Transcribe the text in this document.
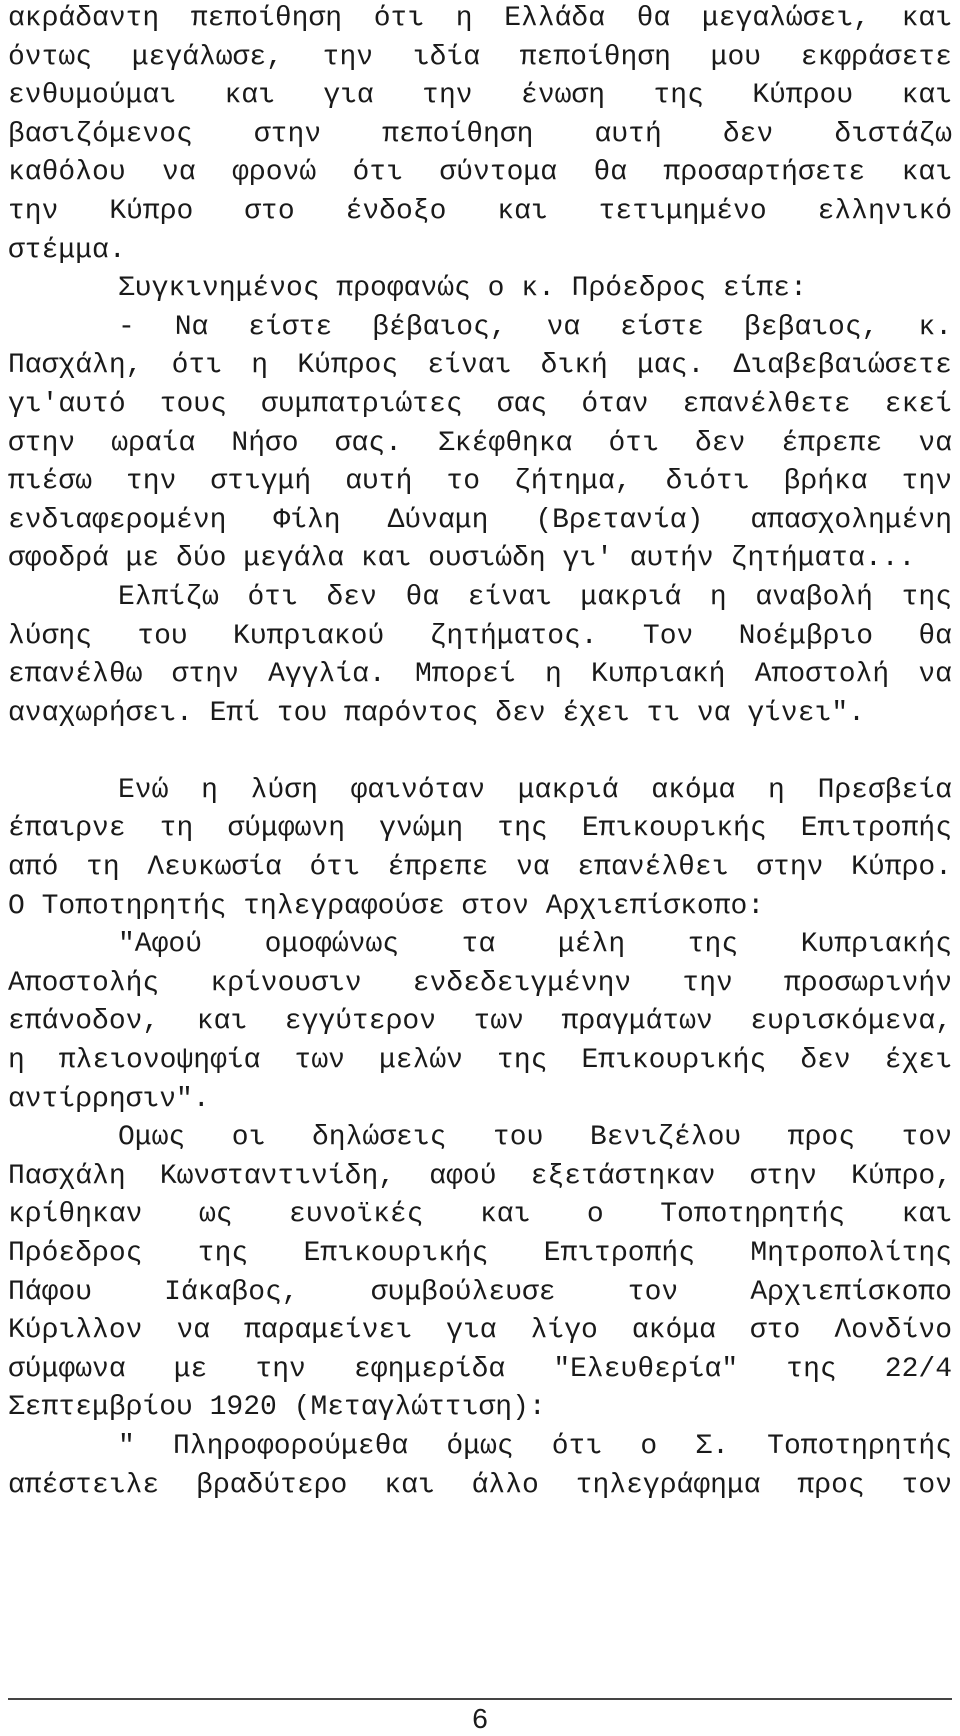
ακράδαντη πεποίθηση ότι η Ελλάδα θα μεγαλώσει, και
όντως μεγάλωσε, την ιδία πεποίθηση μου εκφράσετε
ενθυμούμαι και για την ένωση της Κύπρου και
βασιζόμενος στην πεποίθηση αυτή δεν διστάζω
καθόλου να φρονώ ότι σύντομα θα προσαρτήσετε και
την Κύπρο στο ένδοξο και τετιμημένο ελληνικό
στέμμα.
Συγκινημένος προφανώς ο κ. Πρόεδρος είπε:
- Να είστε βέβαιος, να είστε βεβαιος, κ.
Πασχάλη, ότι η Κύπρος είναι δική μας. Διαβεβαιώσετε
γι'αυτό τους συμπατριώτες σας όταν επανέλθετε εκεί
στην ωραία Νήσο σας. Σκέφθηκα ότι δεν έπρεπε να
πιέσω την στιγμή αυτή το ζήτημα, διότι βρήκα την
ενδιαφερομένη Φίλη Δύναμη (Βρετανία) απασχολημένη
σφοδρά με δύο μεγάλα και ουσιώδη γι' αυτήν ζητήματα...
Ελπίζω ότι δεν θα είναι μακριά η αναβολή της
λύσης του Κυπριακού ζητήματος. Τον Νοέμβριο θα
επανέλθω στην Αγγλία. Μπορεί η Κυπριακή Αποστολή να
αναχωρήσει. Επί του παρόντος δεν έχει τι να γίνει".
Ενώ η λύση φαινόταν μακριά ακόμα η Πρεσβεία
έπαιρνε τη σύμφωνη γνώμη της Επικουρικής Επιτροπής
από τη Λευκωσία ότι έπρεπε να επανέλθει στην Κύπρο.
Ο Τοποτηρητής τηλεγραφούσε στον Αρχιεπίσκοπο:
"Αφού ομοφώνως τα μέλη της Κυπριακής
Αποστολής κρίνουσιν ενδεδειγμένην την προσωρινήν
επάνοδον, και εγγύτερον των πραγμάτων ευρισκόμενα,
η πλειονοψηφία των μελών της Επικουρικής δεν έχει
αντίρρησιν".
Ομως οι δηλώσεις του Βενιζέλου προς τον
Πασχάλη Κωνσταντινίδη, αφού εξετάστηκαν στην Κύπρο,
κρίθηκαν ως ευνοϊκές και ο Τοποτηρητής και
Πρόεδρος της Επικουρικής Επιτροπής Μητροπολίτης
Πάφου Ιάκαβος, συμβούλευσε τον Αρχιεπίσκοπο
Κύριλλον να παραμείνει για λίγο ακόμα στο Λονδίνο
σύμφωνα με την εφημερίδα "Ελευθερία" της 22/4
Σεπτεμβρίου 1920 (Μεταγλώττιση):
" Πληροφορούμεθα όμως ότι ο Σ. Τοποτηρητής
απέστειλε βραδύτερο και άλλο τηλεγράφημα προς τον
6
